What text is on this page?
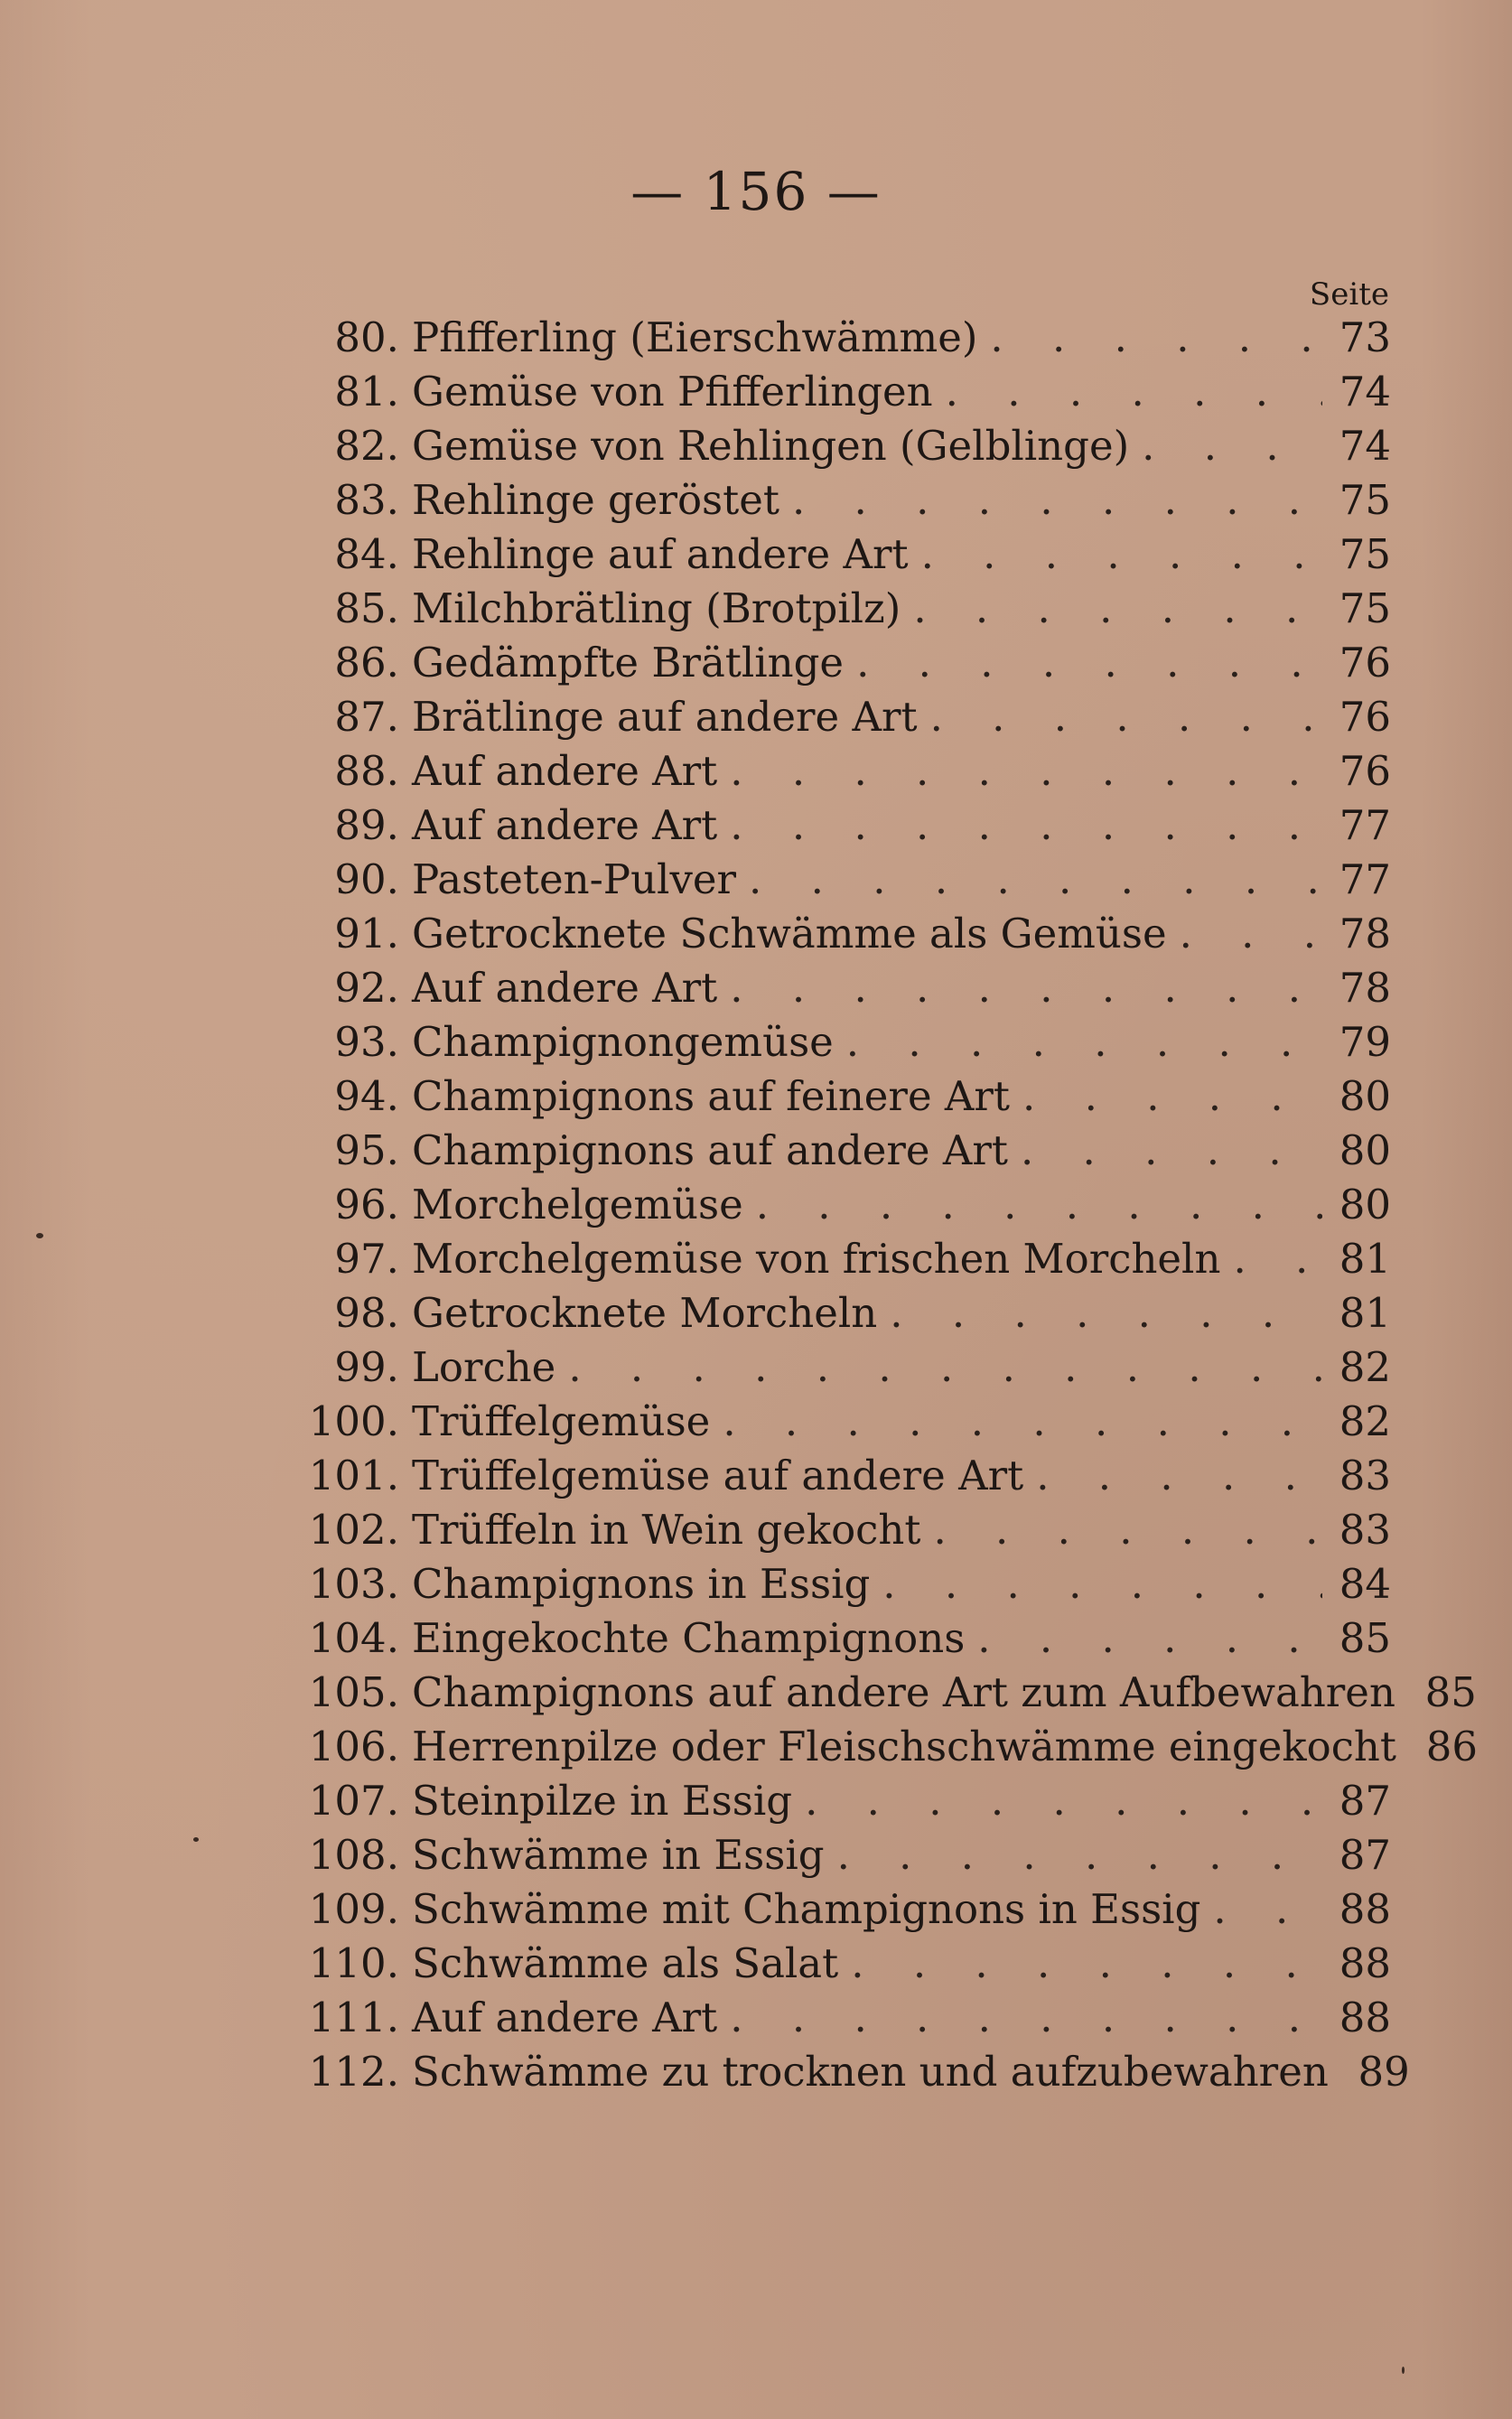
— 156 —
Seite
80. Pfifferling (Eierschwämme) . . .	73
81. Gemüse von Pfifferlingen . . .	74
82. Gemüse von Rehlingen (Gelblinge) . . .	74
83. Rehlinge geröstet . . .	75
84. Rehlinge auf andere Art . . .	75
85. Milchbrätling (Brotpilz) . . .	75
86. Gedämpfte Brätlinge . . .	76
87. Brätlinge auf andere Art . . .	76
88. Auf andere Art . . .	76
89. Auf andere Art . . .	77
90. Pasteten-Pulver . . .	77
91. Getrocknete Schwämme als Gemüse . . .	78
92. Auf andere Art . . .	78
93. Champignongemüse . . .	79
94. Champignons auf feinere Art . . .	80
95. Champignons auf andere Art . . .	80
96. Morchelgemüse . . .	80
97. Morchelgemüse von frischen Morcheln . . .	81
98. Getrocknete Morcheln . . .	81
99. Lorche . . .	82
100. Trüffelgemüse . . .	82
101. Trüffelgemüse auf andere Art . . .	83
102. Trüffeln in Wein gekocht . . .	83
103. Champignons in Essig . . .	84
104. Eingekochte Champignons . . .	85
105. Champignons auf andere Art zum Aufbewahren . . . 85
106. Herrenpilze oder Fleischschwämme eingekocht . . . 86
107. Steinpilze in Essig . . .	87
108. Schwämme in Essig . . .	87
109. Schwämme mit Champignons in Essig . . .	88
110. Schwämme als Salat . . .	88
111. Auf andere Art . . .	88
112. Schwämme zu trocknen und aufzubewahren . . . 89
